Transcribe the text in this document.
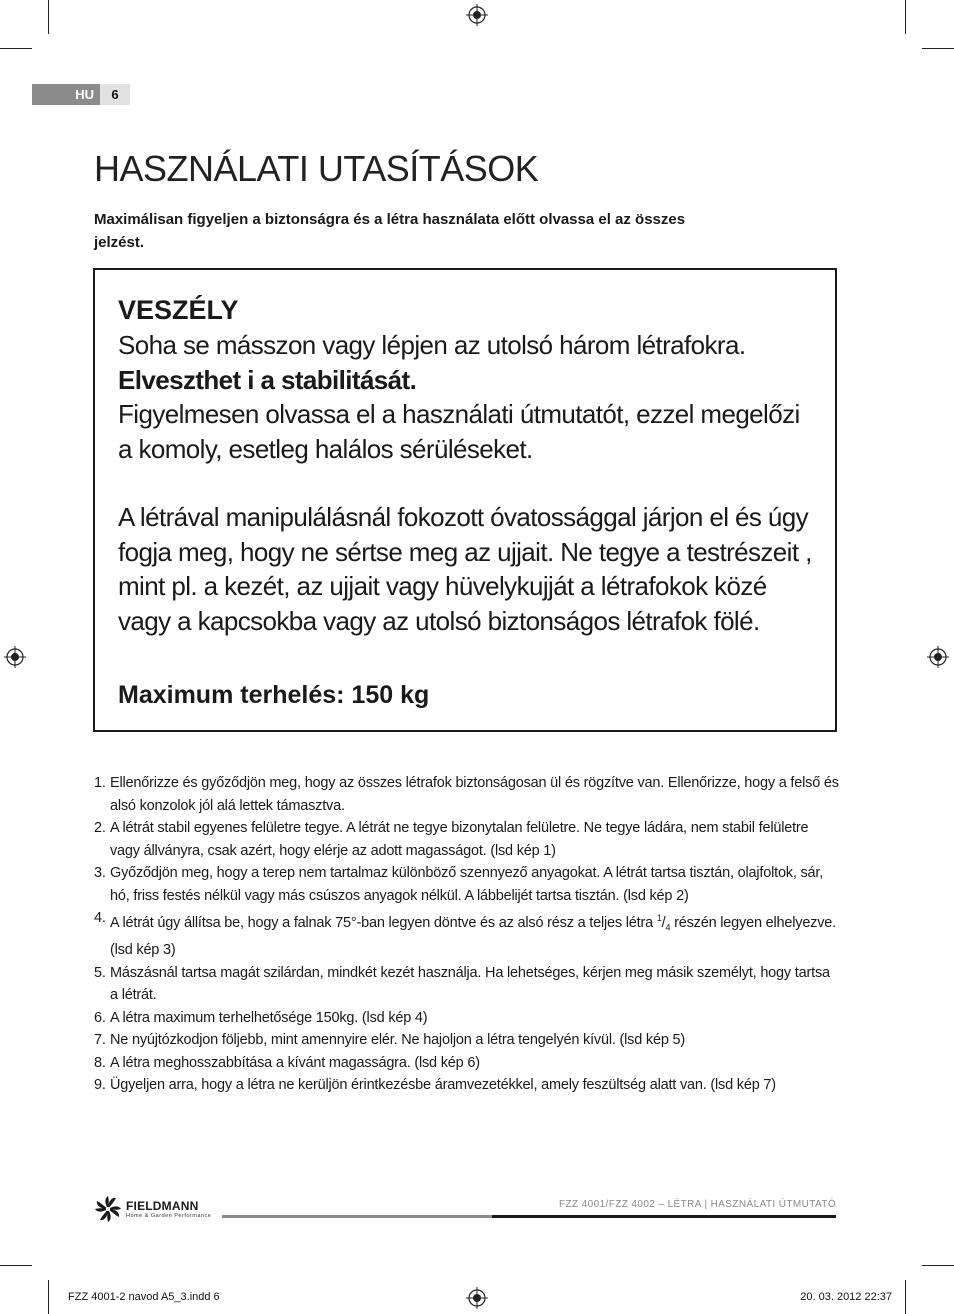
HU	6
HASZNÁLATI UTASÍTÁSOK

Maximálisan figyeljen a biztonságra és a létra használata előtt olvassa el az összes jelzést.

VESZÉLY
Soha se másszon vagy lépjen az utolsó három létrafokra.
Elveszthet i a stabilitását.
Figyelmesen olvassa el a használati útmutatót, ezzel megelőzi a komoly, esetleg halálos sérüléseket.
A létrával manipulálásnál fokozott óvatossággal járjon el és úgy fogja meg, hogy ne sértse meg az ujjait. Ne tegye a testrészeit , mint pl. a kezét, az ujjait vagy hüvelykujját a létrafokok közé vagy a kapcsokba vagy az utolsó biztonságos létrafok fölé.
Maximum terhelés: 150 kg
1. Ellenőrizze és győződjön meg, hogy az összes létrafok biztonságosan ül és rögzítve van. Ellenőrizze, hogy a felső és alsó konzolok jól alá lettek támasztva.
2. A létrát stabil egyenes felületre tegye. A létrát ne tegye bizonytalan felületre. Ne tegye ládára, nem stabil felületre vagy állványra, csak azért, hogy elérje az adott magasságot. (lsd kép 1)
3. Győződjön meg, hogy a terep nem tartalmaz különböző szennyező anyagokat. A létrát tartsa tisztán, olajfoltok, sár, hó, friss festés nélkül vagy más csúszos anyagok nélkül. A lábbelijét tartsa tisztán. (lsd kép 2)
4. A létrát úgy állítsa be, hogy a falnak 75°-ban legyen döntve és az alsó rész a teljes létra $^1/_4$ részén legyen elhelyezve. (lsd kép 3)
5. Mászásnál tartsa magát szilárdan, mindkét kezét használja. Ha lehetséges, kérjen meg másik személyt, hogy tartsa a létrát.
6. A létra maximum terhelhetősége 150kg. (lsd kép 4)
7. Ne nyújtózkodjon följebb, mint amennyire elér. Ne hajoljon a létra tengelyén kívül. (lsd kép 5)
8. A létra meghosszabbítása a kívánt magasságra. (lsd kép 6)
9. Ügyeljen arra, hogy a létra ne kerüljön érintkezésbe áramvezetékkel, amely feszültség alatt van. (lsd kép 7)
FIELDMANN
Home & Garden Performance
FZZ 4001/FZZ 4002 – LÉTRA | HASZNÁLATI ÚTMUTATÓ
FZZ 4001-2 navod A5_3.indd 6	20. 03. 2012 22:37
